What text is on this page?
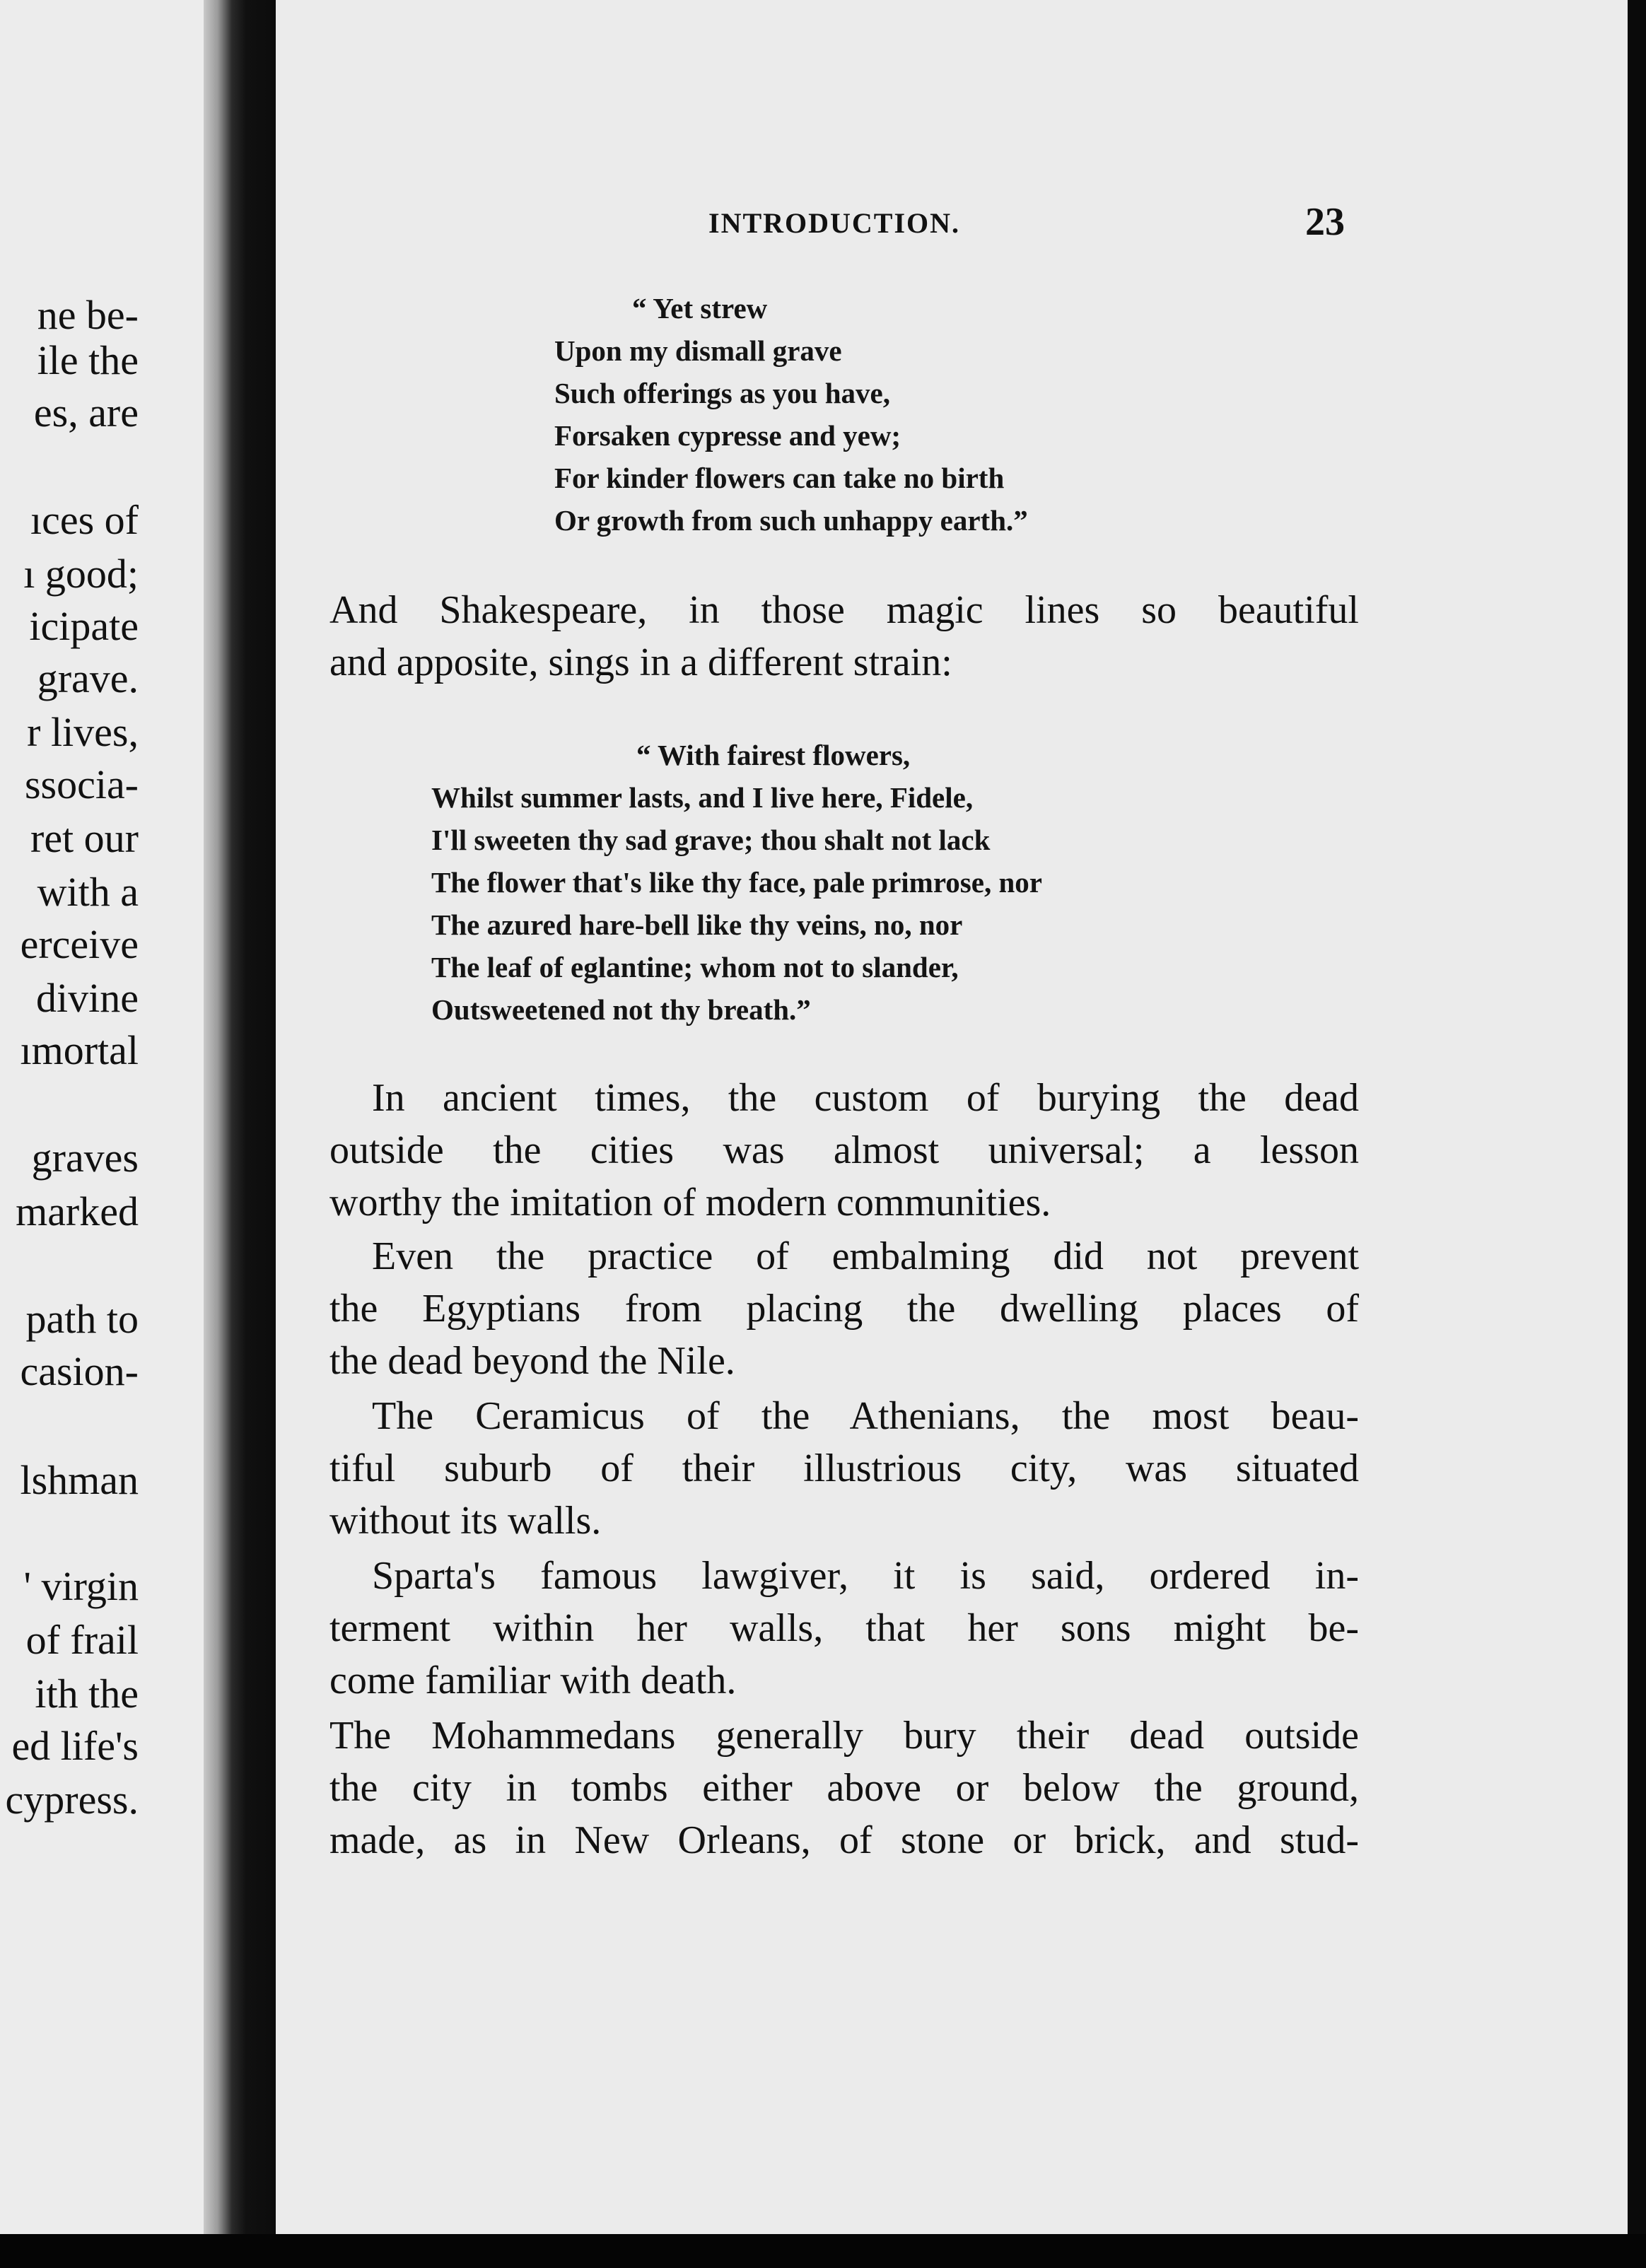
ne be-
ile the
es, are
ıces of
ı good;
icipate
grave.
r lives,
ssocia-
ret our
with a
erceive
divine
ımortal
graves
marked
path to
casion-
lshman
' virgin
of frail
ith the
ed life's
cypress.
INTRODUCTION.	23
“ Yet strew
Upon my dismall grave
Such offerings as you have,
Forsaken cypresse and yew;
For kinder flowers can take no birth
Or growth from such unhappy earth.”
And Shakespeare, in those magic lines so beautiful
and apposite, sings in a different strain:
“ With fairest flowers,
Whilst summer lasts, and I live here, Fidele,
I'll sweeten thy sad grave; thou shalt not lack
The flower that's like thy face, pale primrose, nor
The azured hare-bell like thy veins, no, nor
The leaf of eglantine; whom not to slander,
Outsweetened not thy breath.”
In ancient times, the custom of burying the dead
outside the cities was almost universal; a lesson
worthy the imitation of modern communities.
Even the practice of embalming did not prevent
the Egyptians from placing the dwelling places of
the dead beyond the Nile.
The Ceramicus of the Athenians, the most beau-
tiful suburb of their illustrious city, was situated
without its walls.
Sparta's famous lawgiver, it is said, ordered in-
terment within her walls, that her sons might be-
come familiar with death.
The Mohammedans generally bury their dead outside
the city in tombs either above or below the ground,
made, as in New Orleans, of stone or brick, and stud-
